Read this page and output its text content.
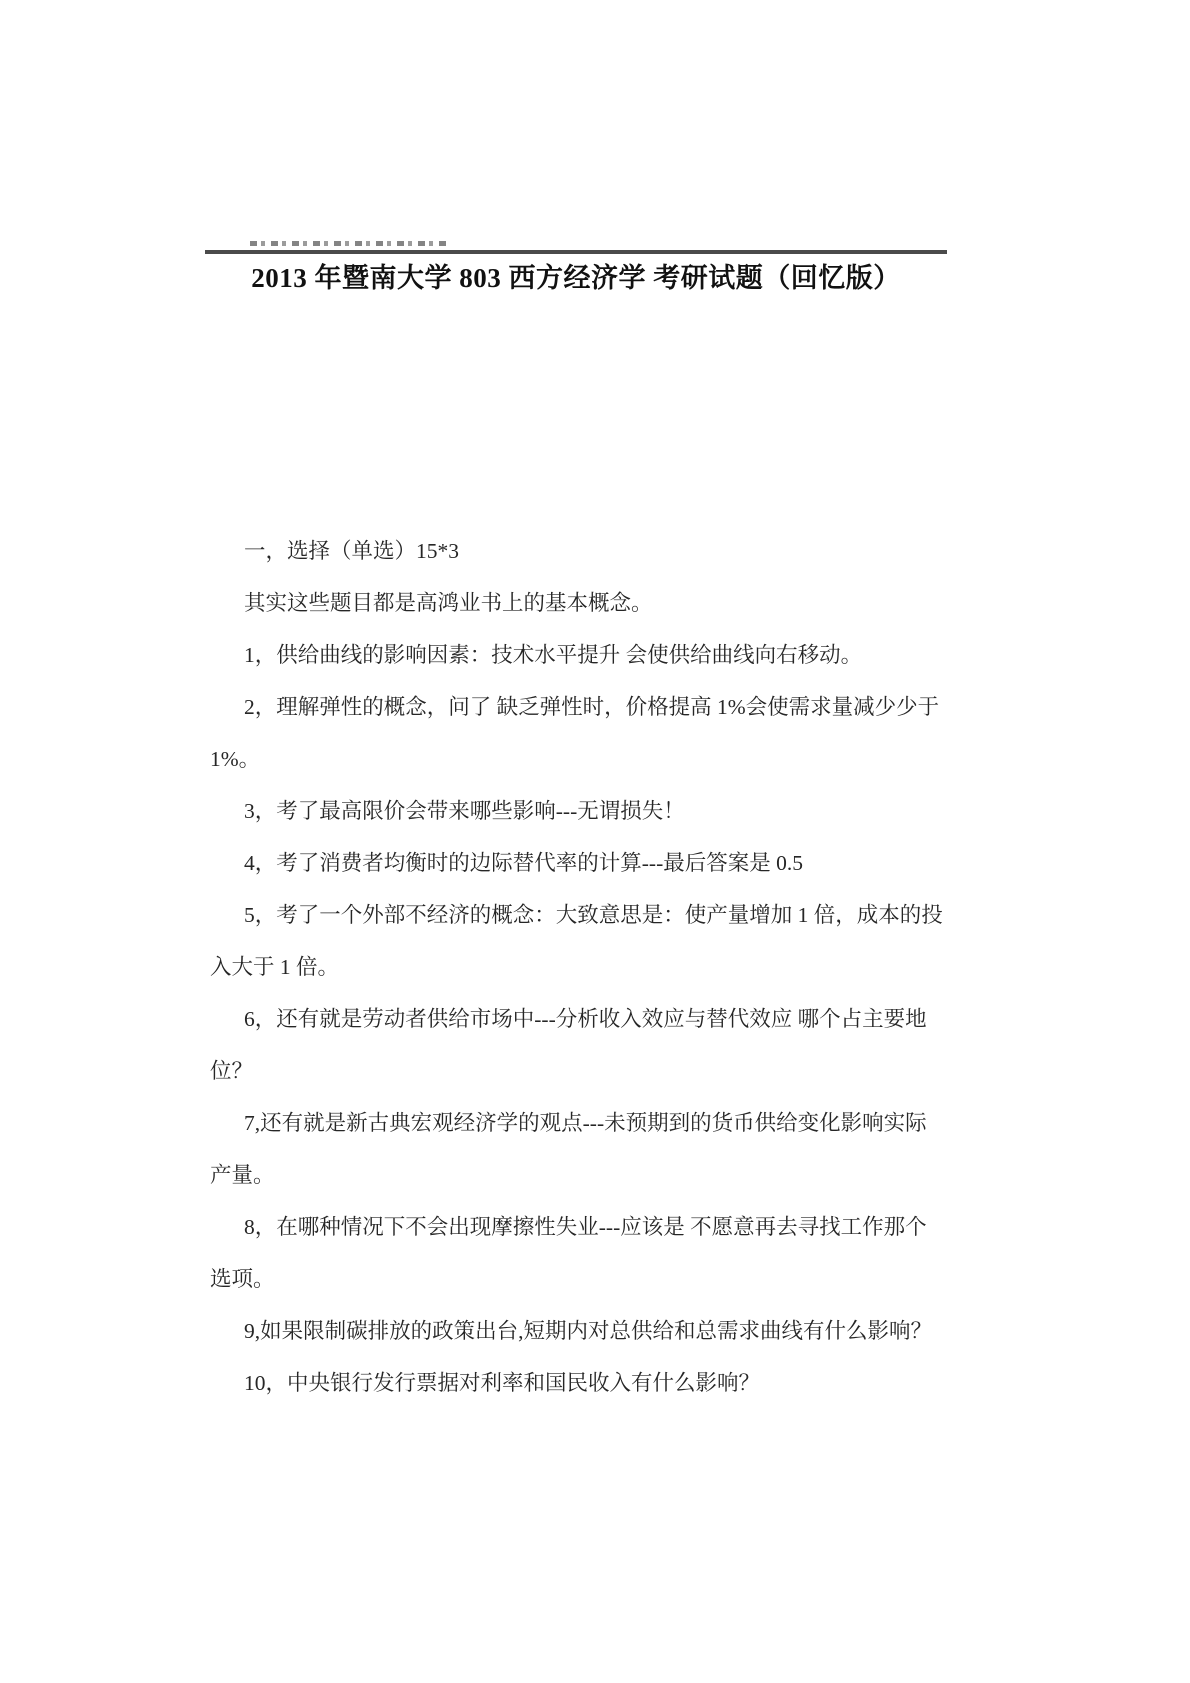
2013 年暨南大学 803 西方经济学 考研试题（回忆版）
一，选择（单选）15*3
其实这些题目都是高鸿业书上的基本概念。
1，供给曲线的影响因素：技术水平提升 会使供给曲线向右移动。
2，理解弹性的概念，问了 缺乏弹性时，价格提高 1%会使需求量减少少于
1%。
3，考了最高限价会带来哪些影响---无谓损失！
4，考了消费者均衡时的边际替代率的计算---最后答案是 0.5
5，考了一个外部不经济的概念：大致意思是：使产量增加 1 倍，成本的投
入大于 1 倍。
6，还有就是劳动者供给市场中---分析收入效应与替代效应 哪个占主要地
位？
7,还有就是新古典宏观经济学的观点---未预期到的货币供给变化影响实际
产量。
8，在哪种情况下不会出现摩擦性失业---应该是 不愿意再去寻找工作那个
选项。
9,如果限制碳排放的政策出台,短期内对总供给和总需求曲线有什么影响？
10，中央银行发行票据对利率和国民收入有什么影响？
